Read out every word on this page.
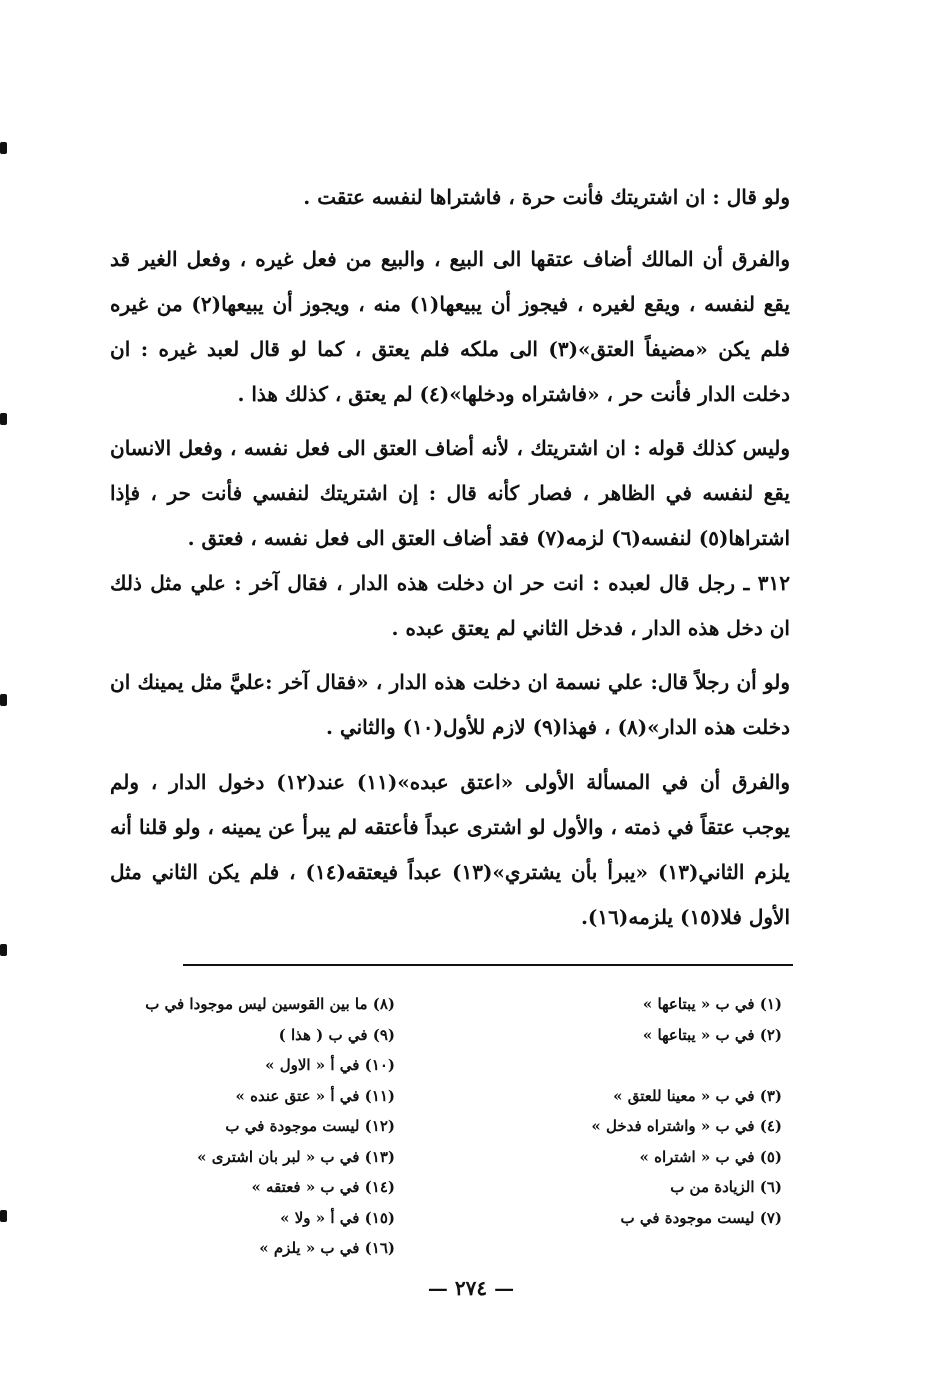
ولو قال : ان اشتريتك فأنت حرة ، فاشتراها لنفسه عتقت .

والفرق أن المالك أضاف عتقها الى البيع ، والبيع من فعل غيره ، وفعل الغير قد يقع لنفسه ، ويقع لغيره ، فيجوز أن يبيعها(١) منه ، ويجوز أن يبيعها(٢) من غيره فلم يكن «مضيفاً العتق»(٣) الى ملكه فلم يعتق ، كما لو قال لعبد غيره : ان دخلت الدار فأنت حر ، «فاشتراه ودخلها»(٤) لم يعتق ، كذلك هذا .

وليس كذلك قوله : ان اشتريتك ، لأنه أضاف العتق الى فعل نفسه ، وفعل الانسان يقع لنفسه في الظاهر ، فصار كأنه قال : إن اشتريتك لنفسي فأنت حر ، فإذا اشتراها(٥) لنفسه(٦) لزمه(٧) فقد أضاف العتق الى فعل نفسه ، فعتق .

٣١٢ ـ رجل قال لعبده : انت حر ان دخلت هذه الدار ، فقال آخر : علي مثل ذلك ان دخل هذه الدار ، فدخل الثاني لم يعتق عبده .

ولو أن رجلاً قال: علي نسمة ان دخلت هذه الدار ، «فقال آخر :عليَّ مثل يمينك ان دخلت هذه الدار»(٨) ، فهذا(٩) لازم للأول(١٠) والثاني .

والفرق أن في المسألة الأولى «اعتق عبده»(١١) عند(١٢) دخول الدار ، ولم يوجب عتقاً في ذمته ، والأول لو اشترى عبداً فأعتقه لم يبرأ عن يمينه ، ولو قلنا أنه يلزم الثاني(١٣) «يبرأ بأن يشتري»(١٣) عبداً فيعتقه(١٤) ، فلم يكن الثاني مثل الأول فلا(١٥) يلزمه(١٦).

(١) في ب « يبتاعها »
(٢) في ب « يبتاعها »
(٣) في ب « معينا للعتق »
(٤) في ب « واشتراه فدخل »
(٥) في ب « اشتراه »
(٦) الزيادة من ب
(٧) ليست موجودة في ب
(٨) ما بين القوسين ليس موجودا في ب
(٩) في ب ( هذا )
(١٠) في أ « الاول »
(١١) في أ « عتق عنده »
(١٢) ليست موجودة في ب
(١٣) في ب « لبر بان اشترى »
(١٤) في ب « فعتقه »
(١٥) في أ « ولا »
(١٦) في ب « يلزم »
— ٢٧٤ —
